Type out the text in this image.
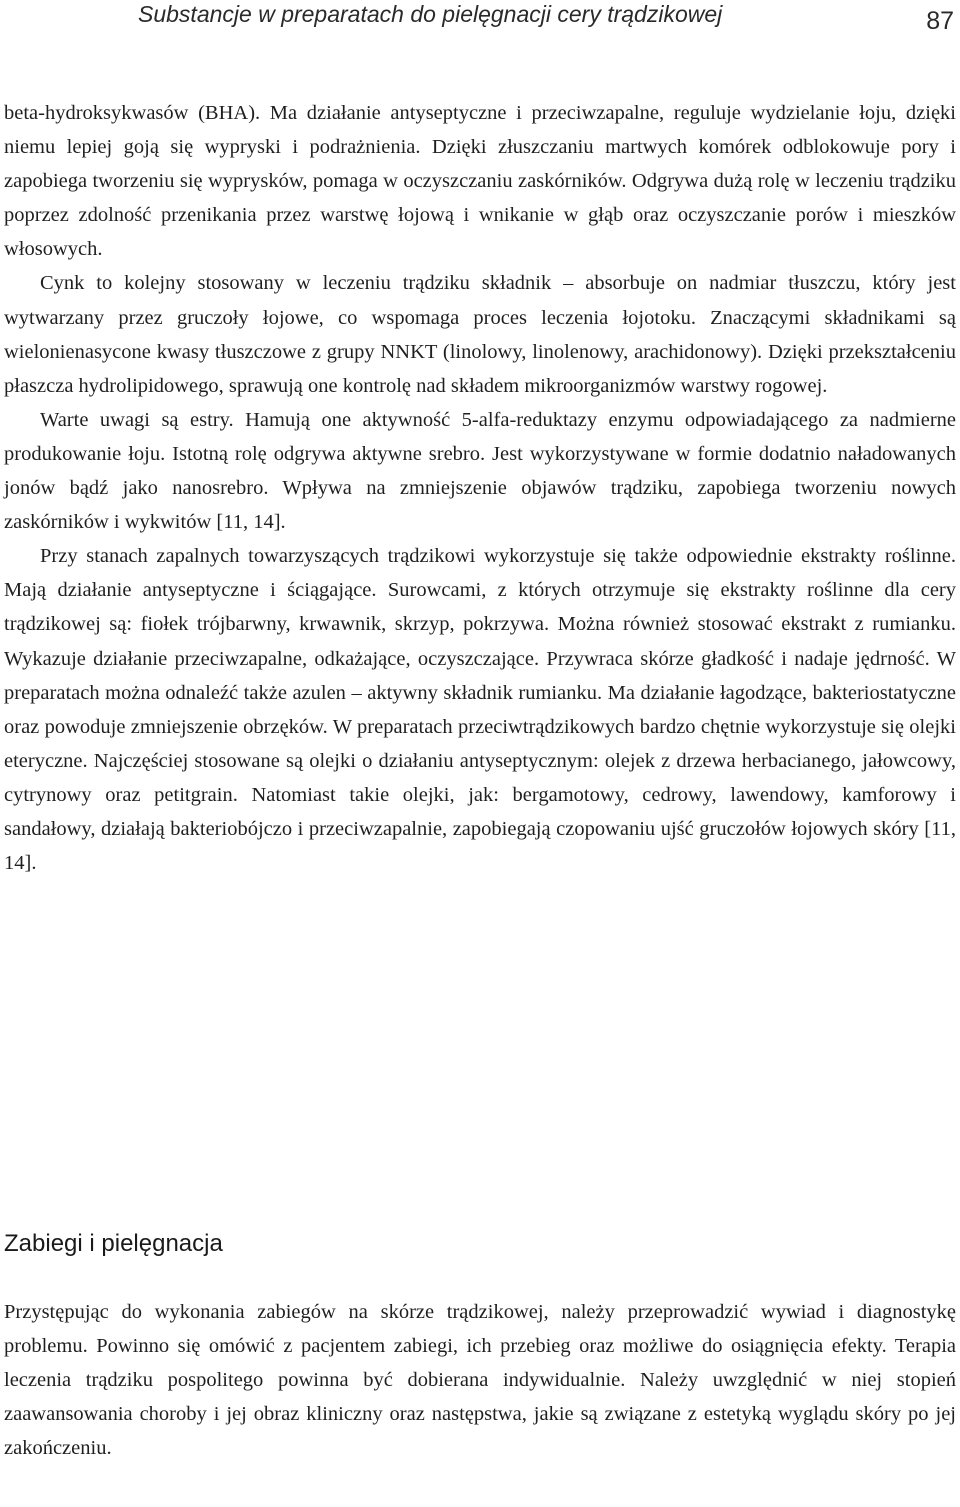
Substancje w preparatach do pielęgnacji cery trądzikowej	87

beta-hydroksykwasów (BHA). Ma działanie antyseptyczne i przeciwzapalne, reguluje wydzielanie łoju, dzięki niemu lepiej goją się wypryski i podrażnienia. Dzięki złuszczaniu martwych komórek odblokowuje pory i zapobiega tworzeniu się wyprysków, pomaga w oczyszczaniu zaskórników. Odgrywa dużą rolę w leczeniu trądziku poprzez zdolność przenikania przez warstwę łojową i wnikanie w głąb oraz oczyszczanie porów i mieszków włosowych.

Cynk to kolejny stosowany w leczeniu trądziku składnik – absorbuje on nadmiar tłuszczu, który jest wytwarzany przez gruczoły łojowe, co wspomaga proces leczenia łojotoku. Znaczącymi składnikami są wielonienasycone kwasy tłuszczowe z grupy NNKT (linolowy, linolenowy, arachidonowy). Dzięki przekształceniu płaszcza hydrolipidowego, sprawują one kontrolę nad składem mikroorganizmów warstwy rogowej.

Warte uwagi są estry. Hamują one aktywność 5-alfa-reduktazy enzymu odpowiadającego za nadmierne produkowanie łoju. Istotną rolę odgrywa aktywne srebro. Jest wykorzystywane w formie dodatnio naładowanych jonów bądź jako nanosrebro. Wpływa na zmniejszenie objawów trądziku, zapobiega tworzeniu nowych zaskórników i wykwitów [11, 14].

Przy stanach zapalnych towarzyszących trądzikowi wykorzystuje się także odpowiednie ekstrakty roślinne. Mają działanie antyseptyczne i ściągające. Surowcami, z których otrzymuje się ekstrakty roślinne dla cery trądzikowej są: fiołek trójbarwny, krwawnik, skrzyp, pokrzywa. Można również stosować ekstrakt z rumianku. Wykazuje działanie przeciwzapalne, odkażające, oczyszczające. Przywraca skórze gładkość i nadaje jędrność. W preparatach można odnaleźć także azulen – aktywny składnik rumianku. Ma działanie łagodzące, bakteriostatyczne oraz powoduje zmniejszenie obrzęków. W preparatach przeciwtrądzikowych bardzo chętnie wykorzystuje się olejki eteryczne. Najczęściej stosowane są olejki o działaniu antyseptycznym: olejek z drzewa herbacianego, jałowcowy, cytrynowy oraz petitgrain. Natomiast takie olejki, jak: bergamotowy, cedrowy, lawendowy, kamforowy i sandałowy, działają bakteriobójczo i przeciwzapalnie, zapobiegają czopowaniu ujść gruczołów łojowych skóry [11, 14].

Zabiegi i pielęgnacja

Przystępując do wykonania zabiegów na skórze trądzikowej, należy przeprowadzić wywiad i diagnostykę problemu. Powinno się omówić z pacjentem zabiegi, ich przebieg oraz możliwe do osiągnięcia efekty. Terapia leczenia trądziku pospolitego powinna być dobierana indywidualnie. Należy uwzględnić w niej stopień zaawansowania choroby i jej obraz kliniczny oraz następstwa, jakie są związane z estetyką wyglądu skóry po jej zakończeniu.
